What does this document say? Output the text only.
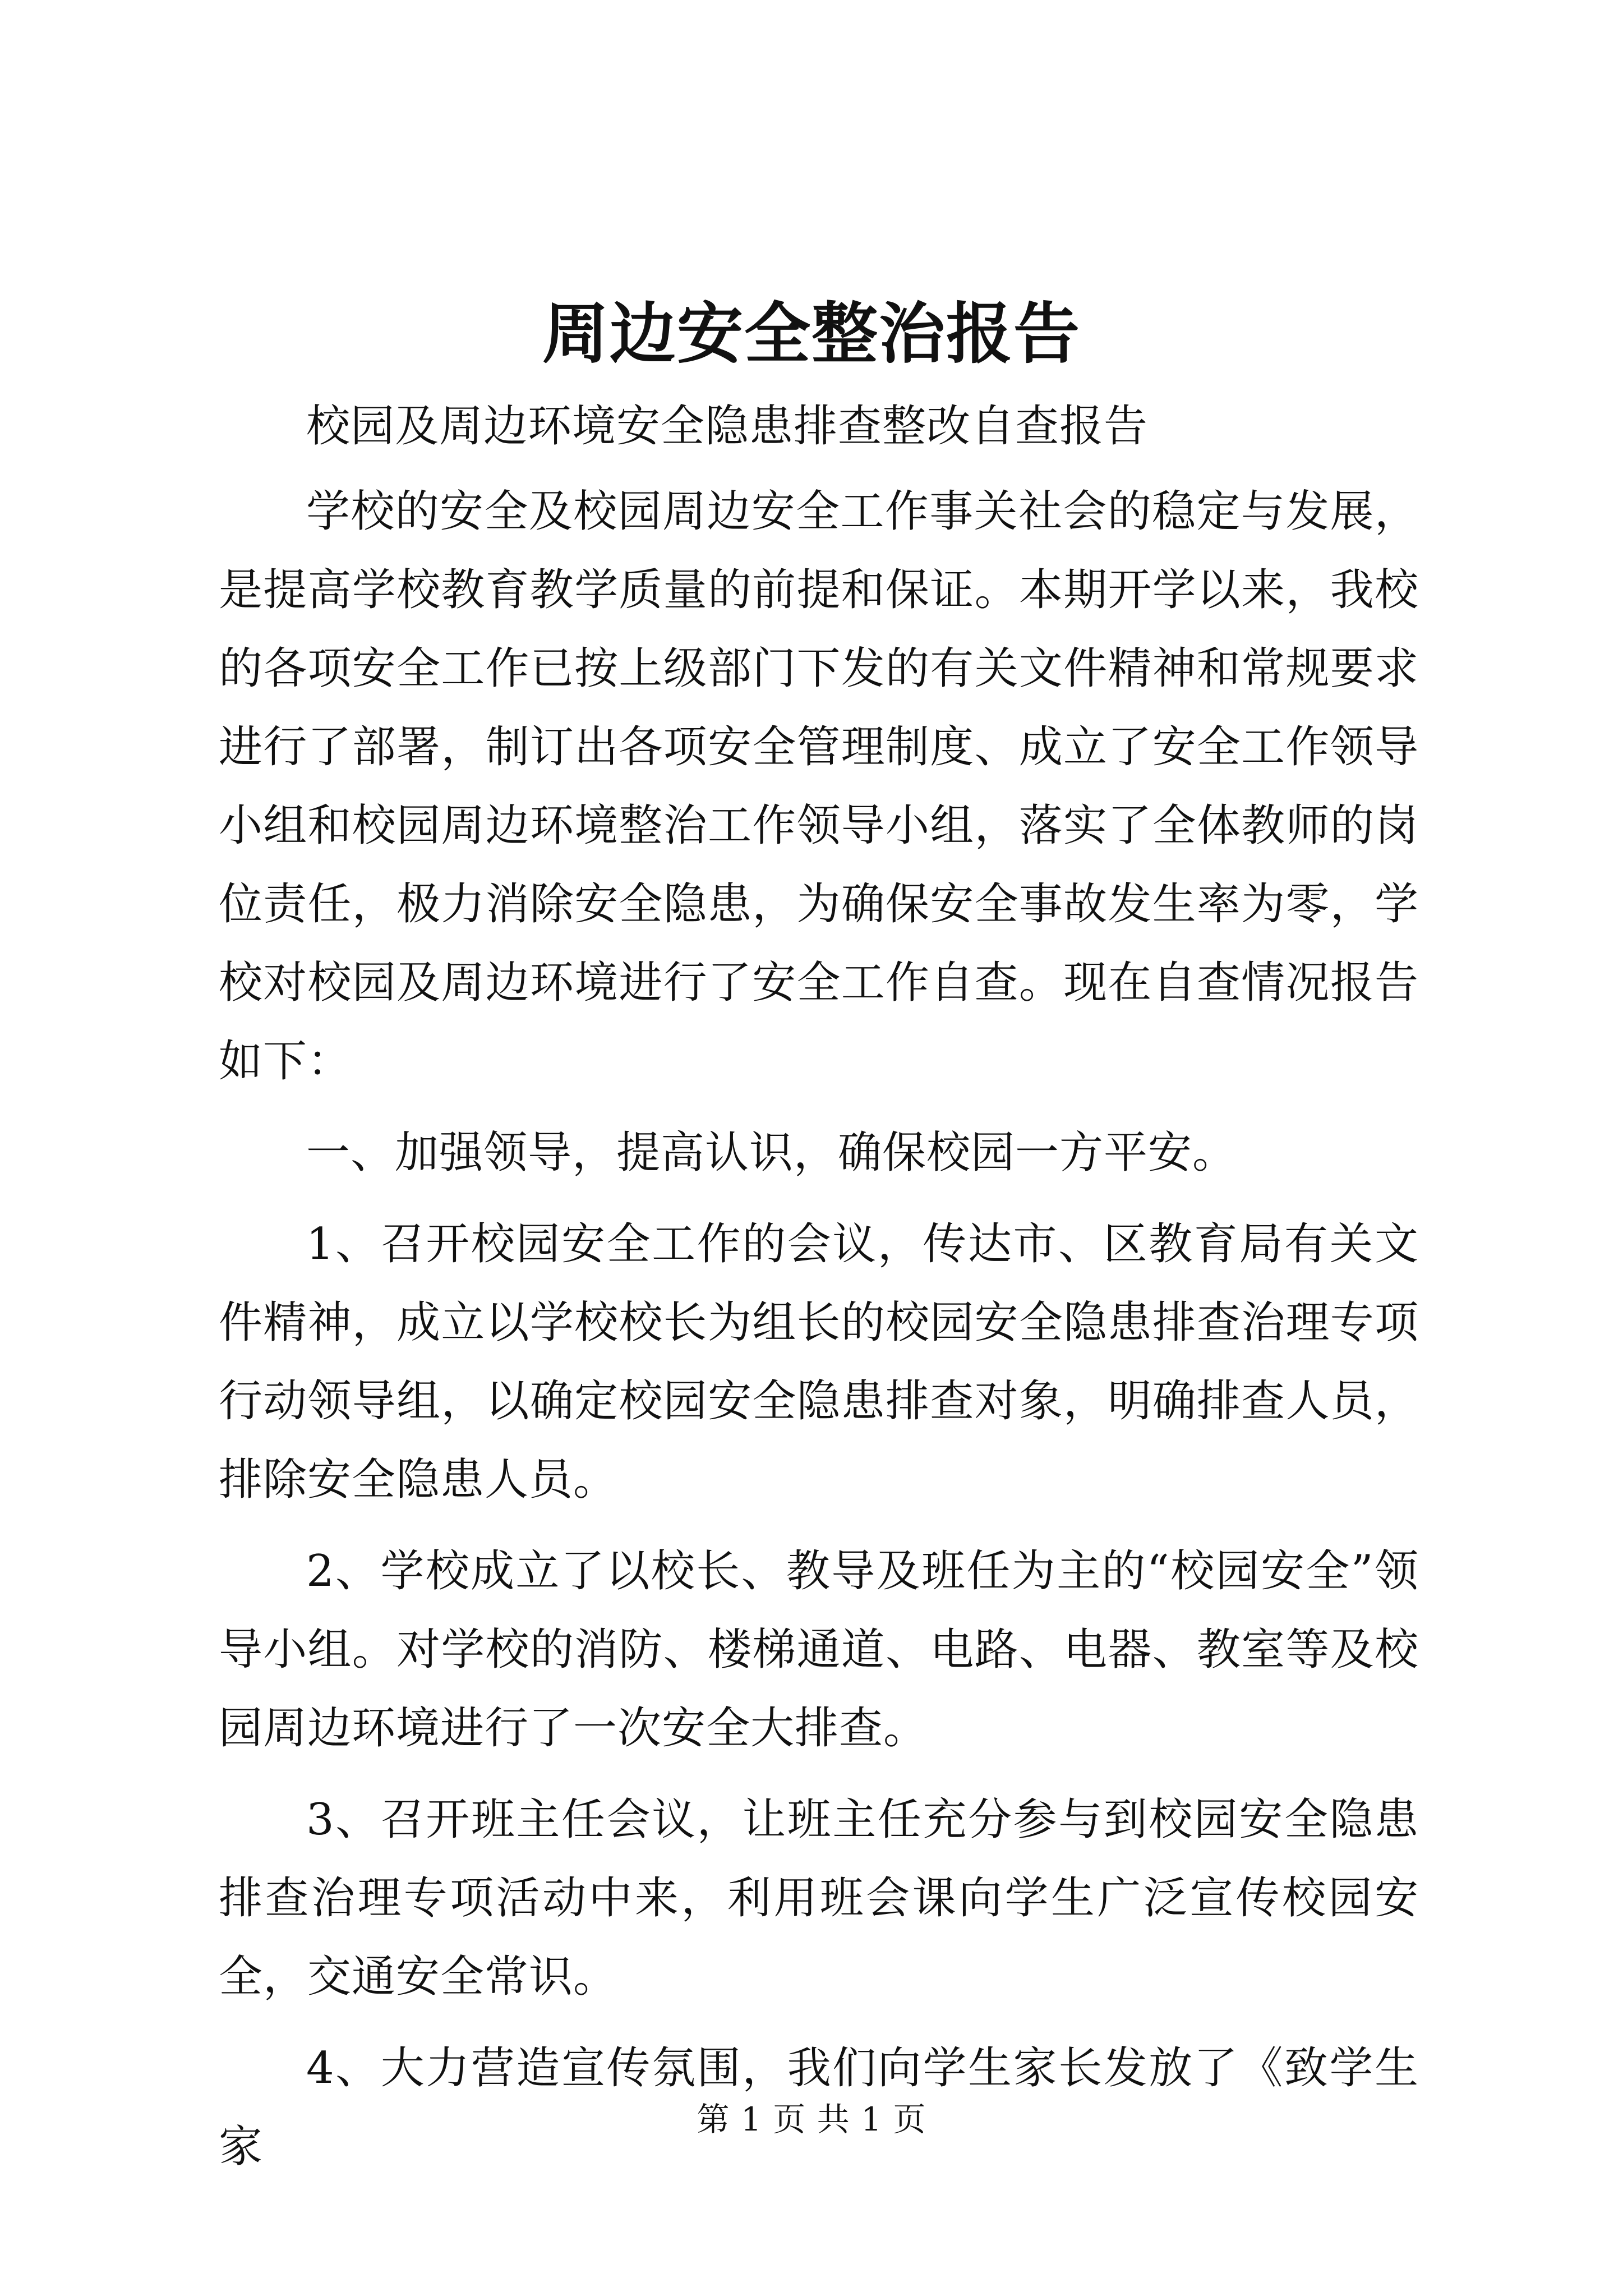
周边安全整治报告

校园及周边环境安全隐患排查整改自查报告

学校的安全及校园周边安全工作事关社会的稳定与发展，是提高学校教育教学质量的前提和保证。本期开学以来，我校的各项安全工作已按上级部门下发的有关文件精神和常规要求进行了部署，制订出各项安全管理制度、成立了安全工作领导小组和校园周边环境整治工作领导小组，落实了全体教师的岗位责任，极力消除安全隐患，为确保安全事故发生率为零，学校对校园及周边环境进行了安全工作自查。现在自查情况报告如下：

一、加强领导，提高认识，确保校园一方平安。

1、召开校园安全工作的会议，传达市、区教育局有关文件精神，成立以学校校长为组长的校园安全隐患排查治理专项行动领导组，以确定校园安全隐患排查对象，明确排查人员，排除安全隐患人员。

2、学校成立了以校长、教导及班任为主的“校园安全”领导小组。对学校的消防、楼梯通道、电路、电器、教室等及校园周边环境进行了一次安全大排查。

3、召开班主任会议，让班主任充分参与到校园安全隐患排查治理专项活动中来，利用班会课向学生广泛宣传校园安全，交通安全常识。

4、大力营造宣传氛围，我们向学生家长发放了《致学生家

第 1 页 共 1 页
